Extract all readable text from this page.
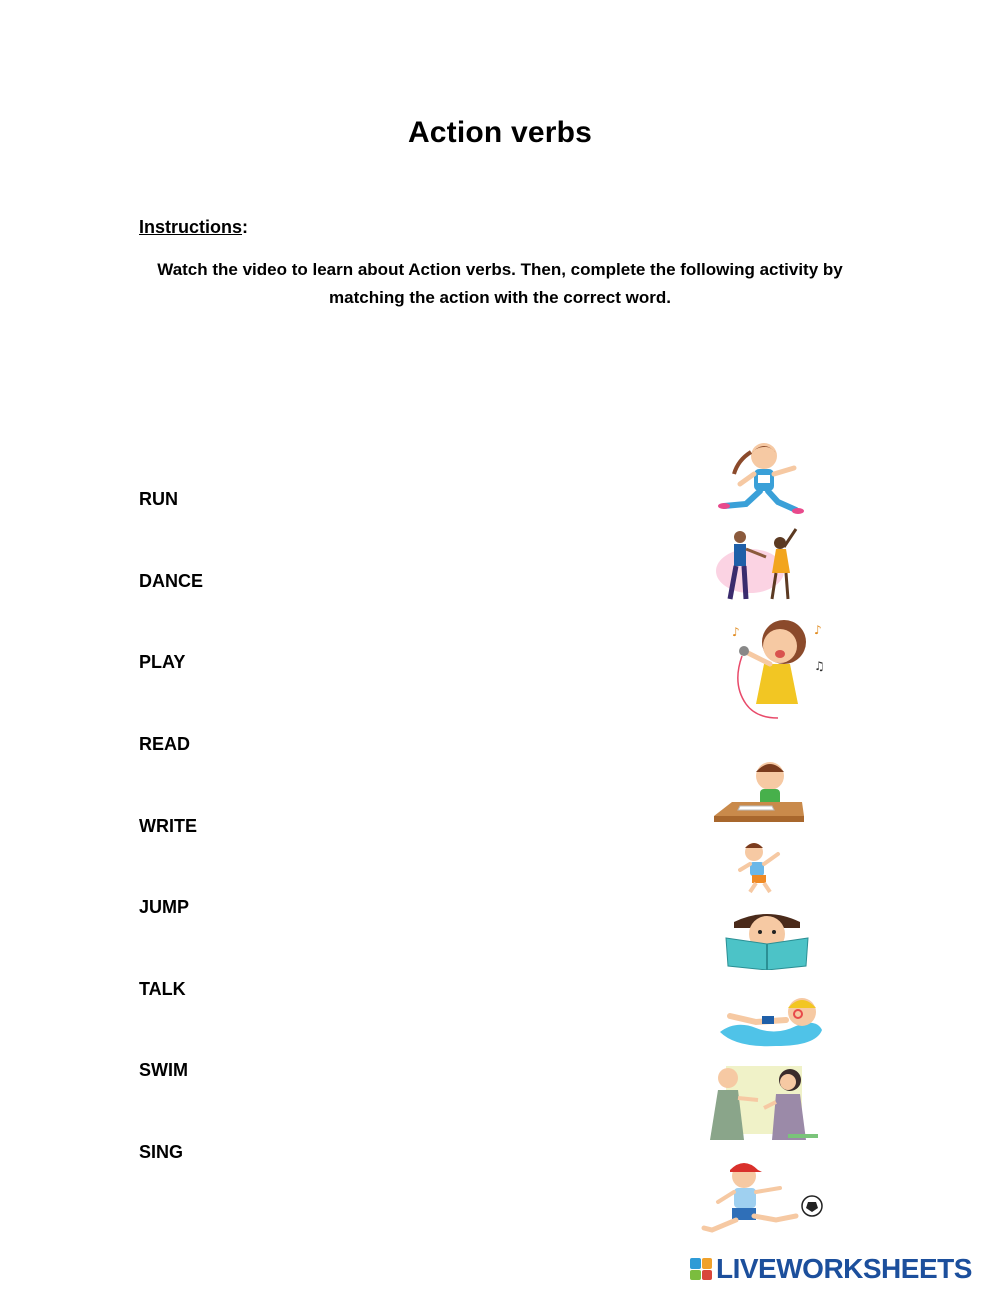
Action verbs
Instructions:
Watch the video to learn about Action verbs. Then, complete the following activity by matching the action with the correct word.
RUN
DANCE
PLAY
READ
WRITE
JUMP
TALK
SWIM
SING
♪	♪
♫
LIVEWORKSHEETS
